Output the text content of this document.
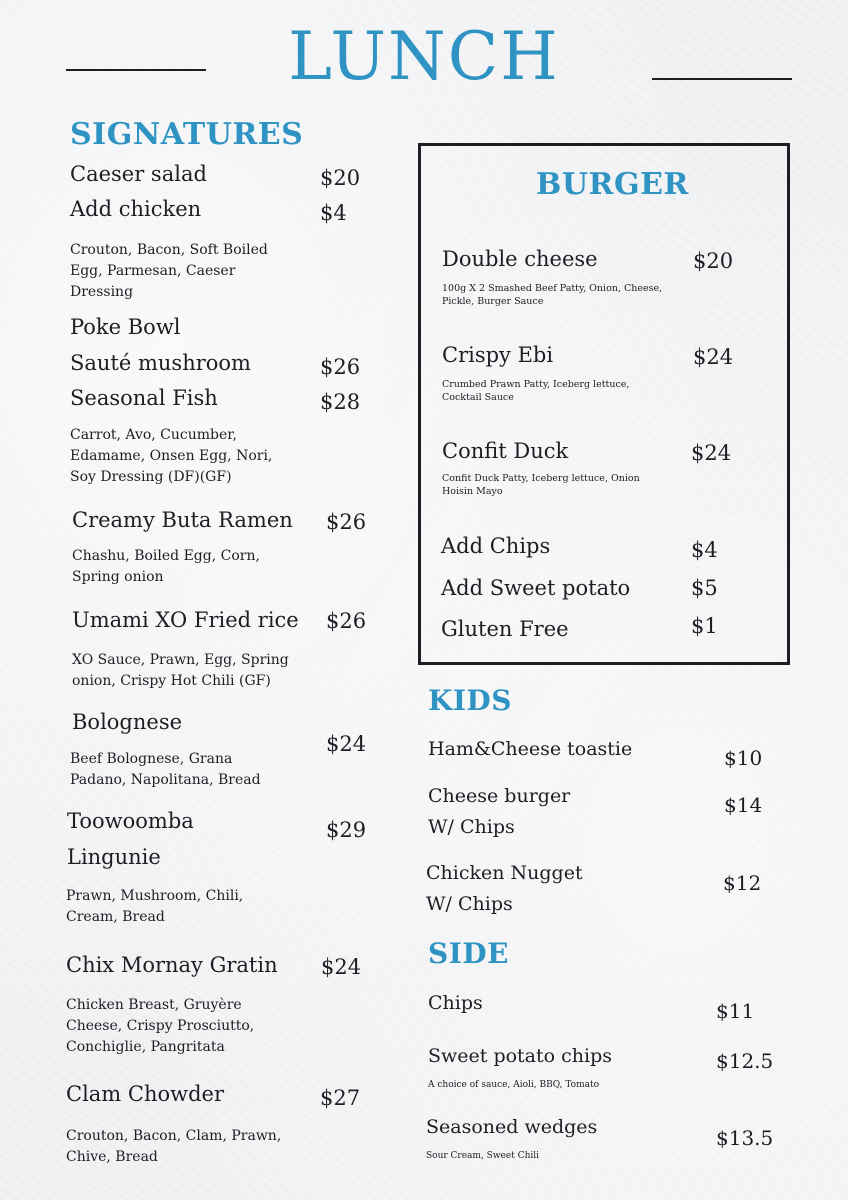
LUNCH
SIGNATURES
Caeser salad	$20
Add chicken	$4
Crouton, Bacon, Soft Boiled Egg, Parmesan, Caeser Dressing
Poke Bowl
Sauté mushroom	$26
Seasonal Fish	$28
Carrot, Avo, Cucumber, Edamame, Onsen Egg, Nori, Soy Dressing (DF)(GF)
Creamy Buta Ramen $26
Chashu, Boiled Egg, Corn, Spring onion
Umami XO Fried rice $26
XO Sauce, Prawn, Egg, Spring onion, Crispy Hot Chili (GF)
Bolognese
$24
Beef Bolognese, Grana Padano, Napolitana, Bread
Toowoomba
Lingunie
$29
Prawn, Mushroom, Chili, Cream, Bread
Chix Mornay Gratin $24
Chicken Breast, Gruyère Cheese, Crispy Prosciutto, Conchiglie, Pangritata
Clam Chowder	$27
Crouton, Bacon, Clam, Prawn, Chive, Bread
BURGER
Double cheese	$20
100g X 2 Smashed Beef Patty, Onion, Cheese, Pickle, Burger Sauce
Crispy Ebi	$24
Crumbed Prawn Patty, Iceberg lettuce, Cocktail Sauce
Confit Duck	$24
Confit Duck Patty, Iceberg lettuce, Onion Hoisin Mayo
Add Chips	$4
Add Sweet potato	$5
Gluten Free	$1
KIDS
Ham&Cheese toastie	$10
Cheese burger
W/ Chips
$14
Chicken Nugget
W/ Chips
$12
SIDE
Chips	$11
Sweet potato chips	$12.5
A choice of sauce, Aioli, BBQ, Tomato
Seasoned wedges	$13.5
Sour Cream, Sweet Chili
